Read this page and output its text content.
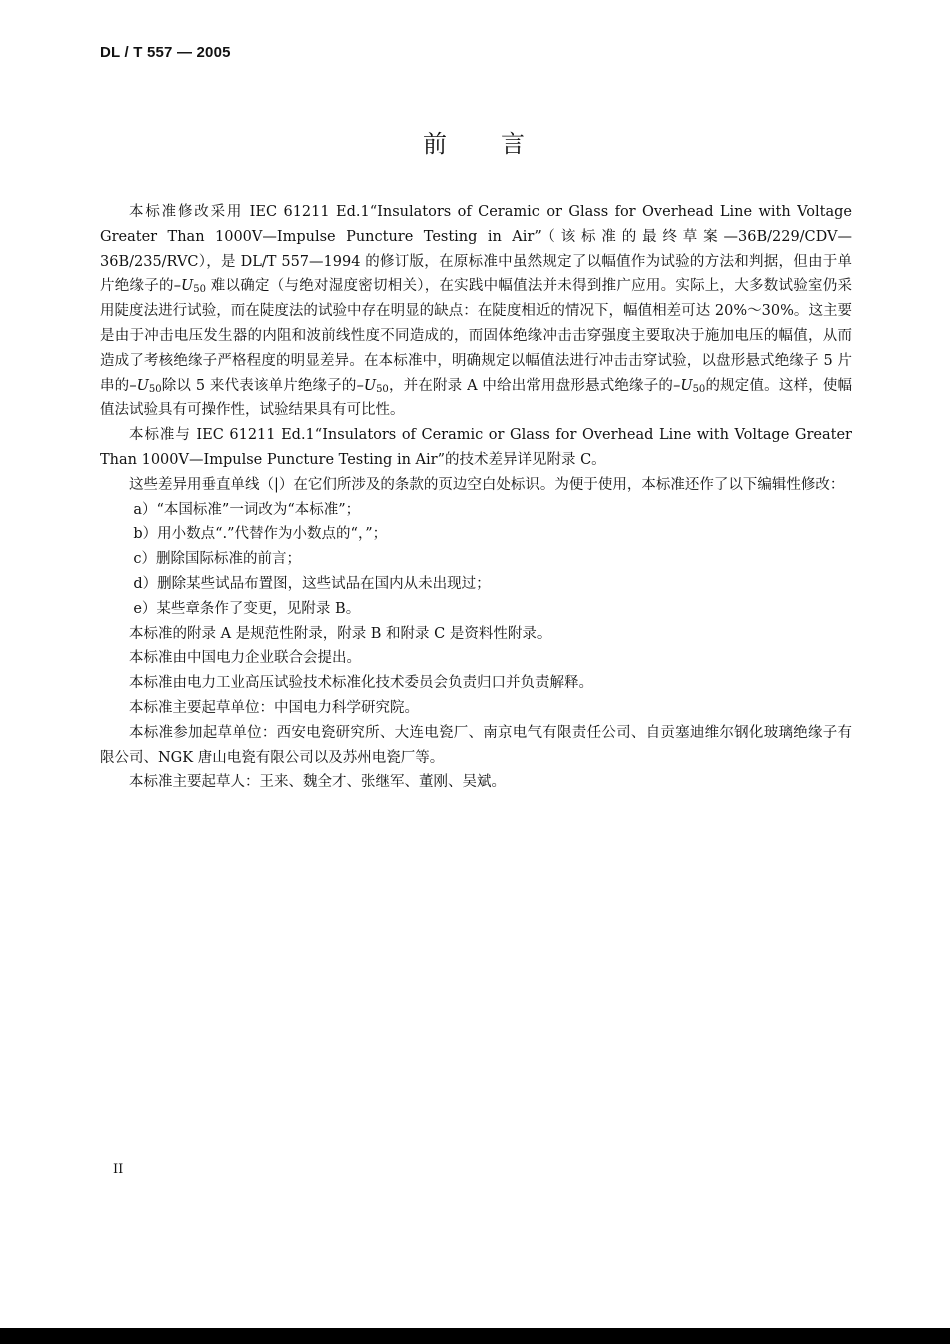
DL / T 557 — 2005
前 言

本标准修改采用 IEC 61211 Ed.1“Insulators of Ceramic or Glass for Overhead Line with Voltage Greater Than 1000V—Impulse Puncture Testing in Air”（该标准的最终草案—36B/229/CDV—36B/235/RVC），是 DL/T 557—1994 的修订版，在原标准中虽然规定了以幅值作为试验的方法和判据，但由于单片绝缘子的$-U_{50}$ 难以确定（与绝对湿度密切相关），在实践中幅值法并未得到推广应用。实际上，大多数试验室仍采用陡度法进行试验，而在陡度法的试验中存在明显的缺点：在陡度相近的情况下，幅值相差可达 20%～30%。这主要是由于冲击电压发生器的内阻和波前线性度不同造成的，而固体绝缘冲击击穿强度主要取决于施加电压的幅值，从而造成了考核绝缘子严格程度的明显差异。在本标准中，明确规定以幅值法进行冲击击穿试验，以盘形悬式绝缘子 5 片串的$-U_{50}$除以 5 来代表该单片绝缘子的$-U_{50}$，并在附录 A 中给出常用盘形悬式绝缘子的$-U_{50}$的规定值。这样，使幅值法试验具有可操作性，试验结果具有可比性。

本标准与 IEC 61211 Ed.1“Insulators of Ceramic or Glass for Overhead Line with Voltage Greater Than 1000V—Impulse Puncture Testing in Air”的技术差异详见附录 C。

这些差异用垂直单线（|）在它们所涉及的条款的页边空白处标识。为便于使用，本标准还作了以下编辑性修改：

a）“本国标准”一词改为“本标准”；

b）用小数点“.”代替作为小数点的“，”；

c）删除国际标准的前言；

d）删除某些试品布置图，这些试品在国内从未出现过；

e）某些章条作了变更，见附录 B。

本标准的附录 A 是规范性附录，附录 B 和附录 C 是资料性附录。

本标准由中国电力企业联合会提出。

本标准由电力工业高压试验技术标准化技术委员会负责归口并负责解释。

本标准主要起草单位：中国电力科学研究院。

本标准参加起草单位：西安电瓷研究所、大连电瓷厂、南京电气有限责任公司、自贡塞迪维尔钢化玻璃绝缘子有限公司、NGK 唐山电瓷有限公司以及苏州电瓷厂等。

本标准主要起草人：王来、魏全才、张继军、董刚、吴斌。

II
